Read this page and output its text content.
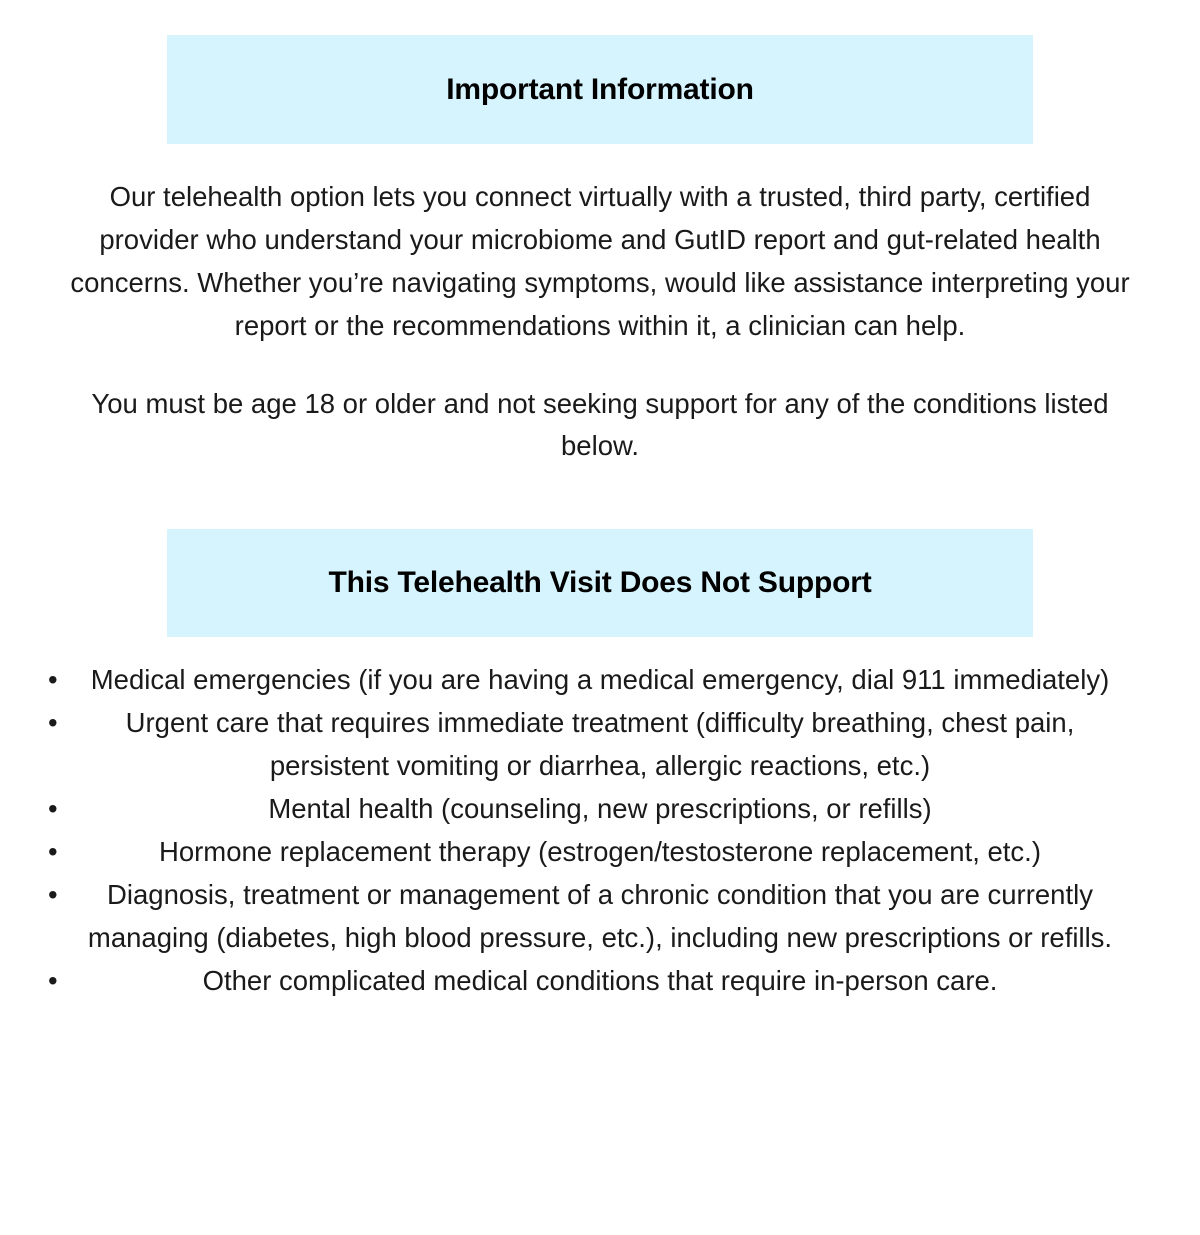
Important Information
Our telehealth option lets you connect virtually with a trusted, third party, certified provider who understand your microbiome and GutID report and gut-related health concerns. Whether you’re navigating symptoms, would like assistance interpreting your report or the recommendations within it, a clinician can help.
You must be age 18 or older and not seeking support for any of the conditions listed below.
This Telehealth Visit Does Not Support
•	Medical emergencies (if you are having a medical emergency, dial 911 immediately)
•	Urgent care that requires immediate treatment (difficulty breathing, chest pain, persistent vomiting or diarrhea, allergic reactions, etc.)
•	Mental health (counseling, new prescriptions, or refills)
•	Hormone replacement therapy (estrogen/testosterone replacement, etc.)
•	Diagnosis, treatment or management of a chronic condition that you are currently managing (diabetes, high blood pressure, etc.), including new prescriptions or refills.
•	Other complicated medical conditions that require in-person care.
